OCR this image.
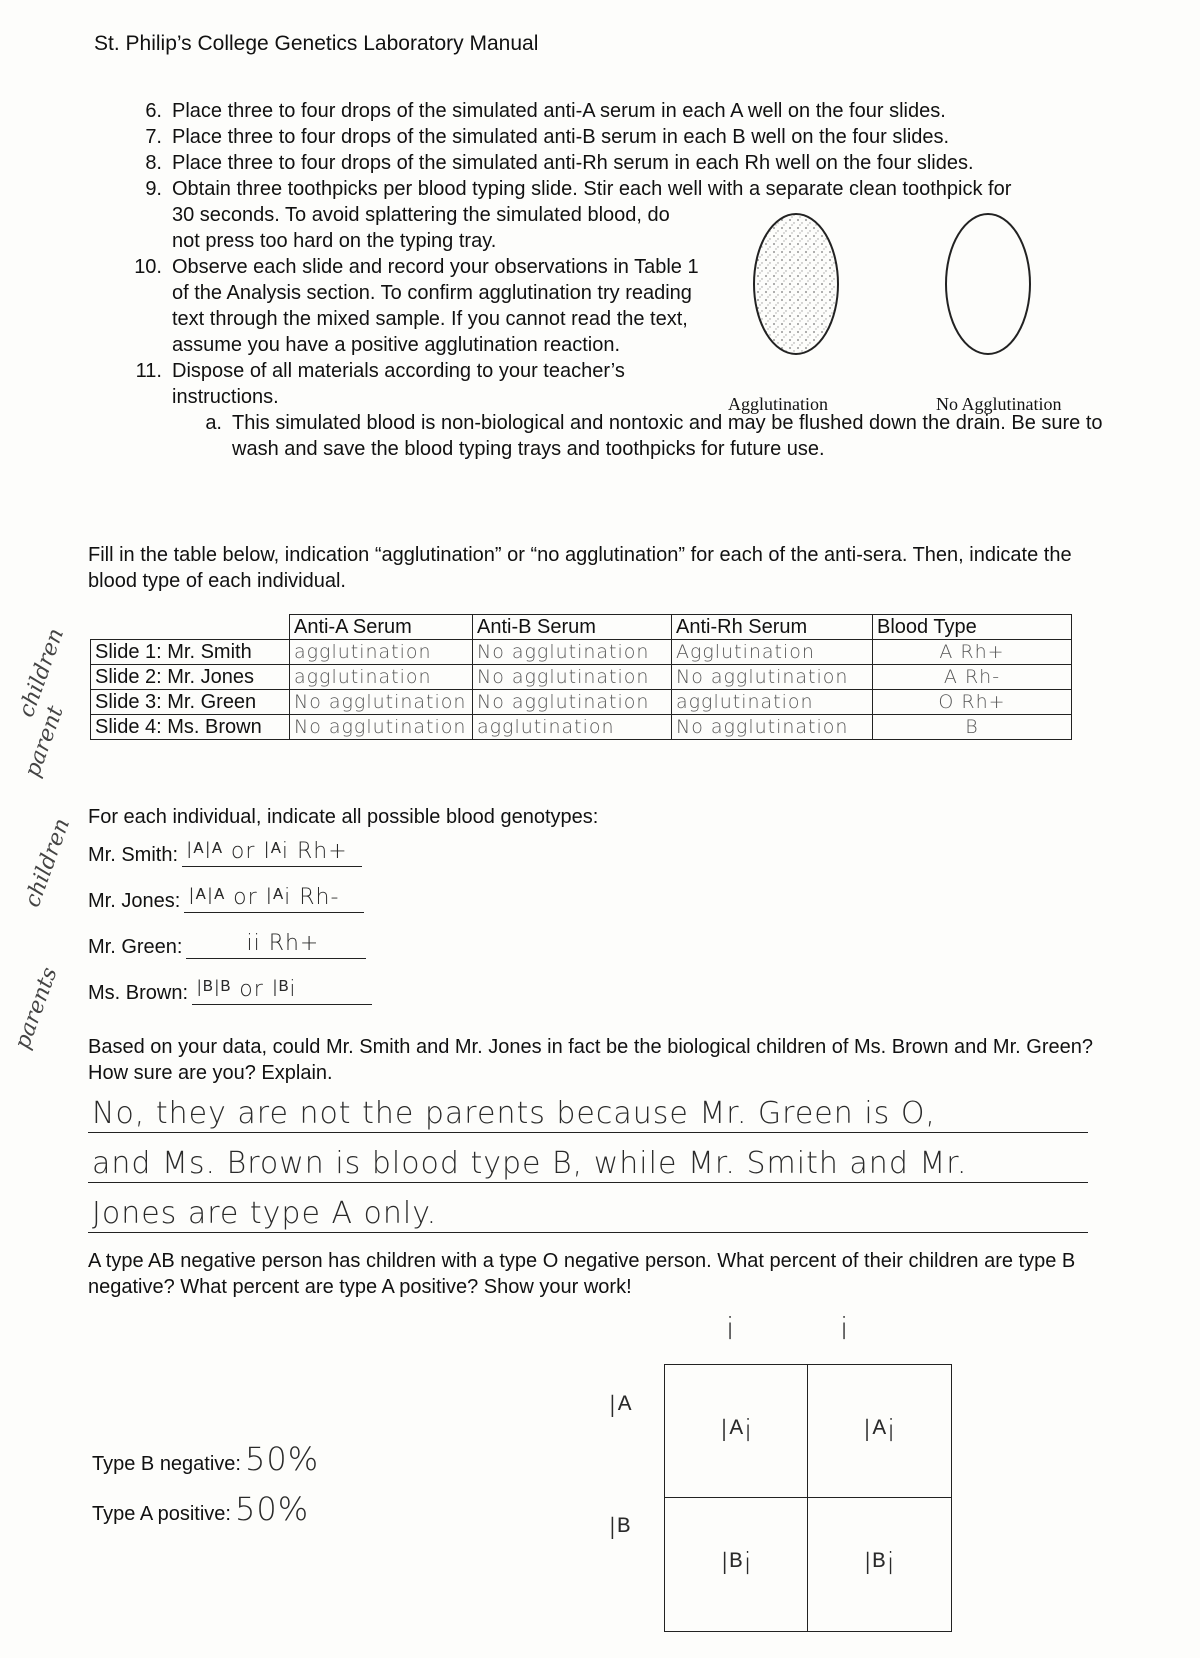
St. Philip’s College Genetics Laboratory Manual
6. Place three to four drops of the simulated anti-A serum in each A well on the four slides.
7. Place three to four drops of the simulated anti-B serum in each B well on the four slides.
8. Place three to four drops of the simulated anti-Rh serum in each Rh well on the four slides.
9. Obtain three toothpicks per blood typing slide. Stir each well with a separate clean toothpick for
30 seconds. To avoid splattering the simulated blood, do not press too hard on the typing tray.
10. Observe each slide and record your observations in Table 1 of the Analysis section. To confirm agglutination try reading text through the mixed sample. If you cannot read the text, assume you have a positive agglutination reaction.
11. Dispose of all materials according to your teacher’s instructions.
a. This simulated blood is non-biological and nontoxic and may be flushed down the drain. Be sure to wash and save the blood typing trays and toothpicks for future use.
Agglutination	No Agglutination
Fill in the table below, indication “agglutination” or “no agglutination” for each of the anti-sera. Then, indicate the blood type of each individual.
	Anti-A Serum	Anti-B Serum	Anti-Rh Serum	Blood Type
Slide 1: Mr. Smith	agglutination	No agglutination	Agglutination	A Rh+
Slide 2: Mr. Jones	agglutination	No agglutination	No agglutination	A Rh-
Slide 3: Mr. Green	No agglutination	No agglutination	agglutination	O Rh+
Slide 4: Ms. Brown	No agglutination	agglutination	No agglutination	B
children
parent
children
parents
For each individual, indicate all possible blood genotypes:
Mr. Smith: IᴬIᴬ or Iᴬi Rh+
Mr. Jones: IᴬIᴬ or Iᴬi Rh-
Mr. Green:	ii Rh+
Ms. Brown: IᴮIᴮ or Iᴮi
Based on your data, could Mr. Smith and Mr. Jones in fact be the biological children of Ms. Brown and Mr. Green? How sure are you? Explain.
No, they are not the parents because Mr. Green is O,
and Ms. Brown is blood type B, while Mr. Smith and Mr.
Jones are type A only.
A type AB negative person has children with a type O negative person. What percent of their children are type B negative? What percent are type A positive? Show your work!
Type B negative: 50%
Type A positive: 50%
i	i
Iᴬ
Iᴮ
Iᴬi	Iᴬi
Iᴮi	Iᴮi
